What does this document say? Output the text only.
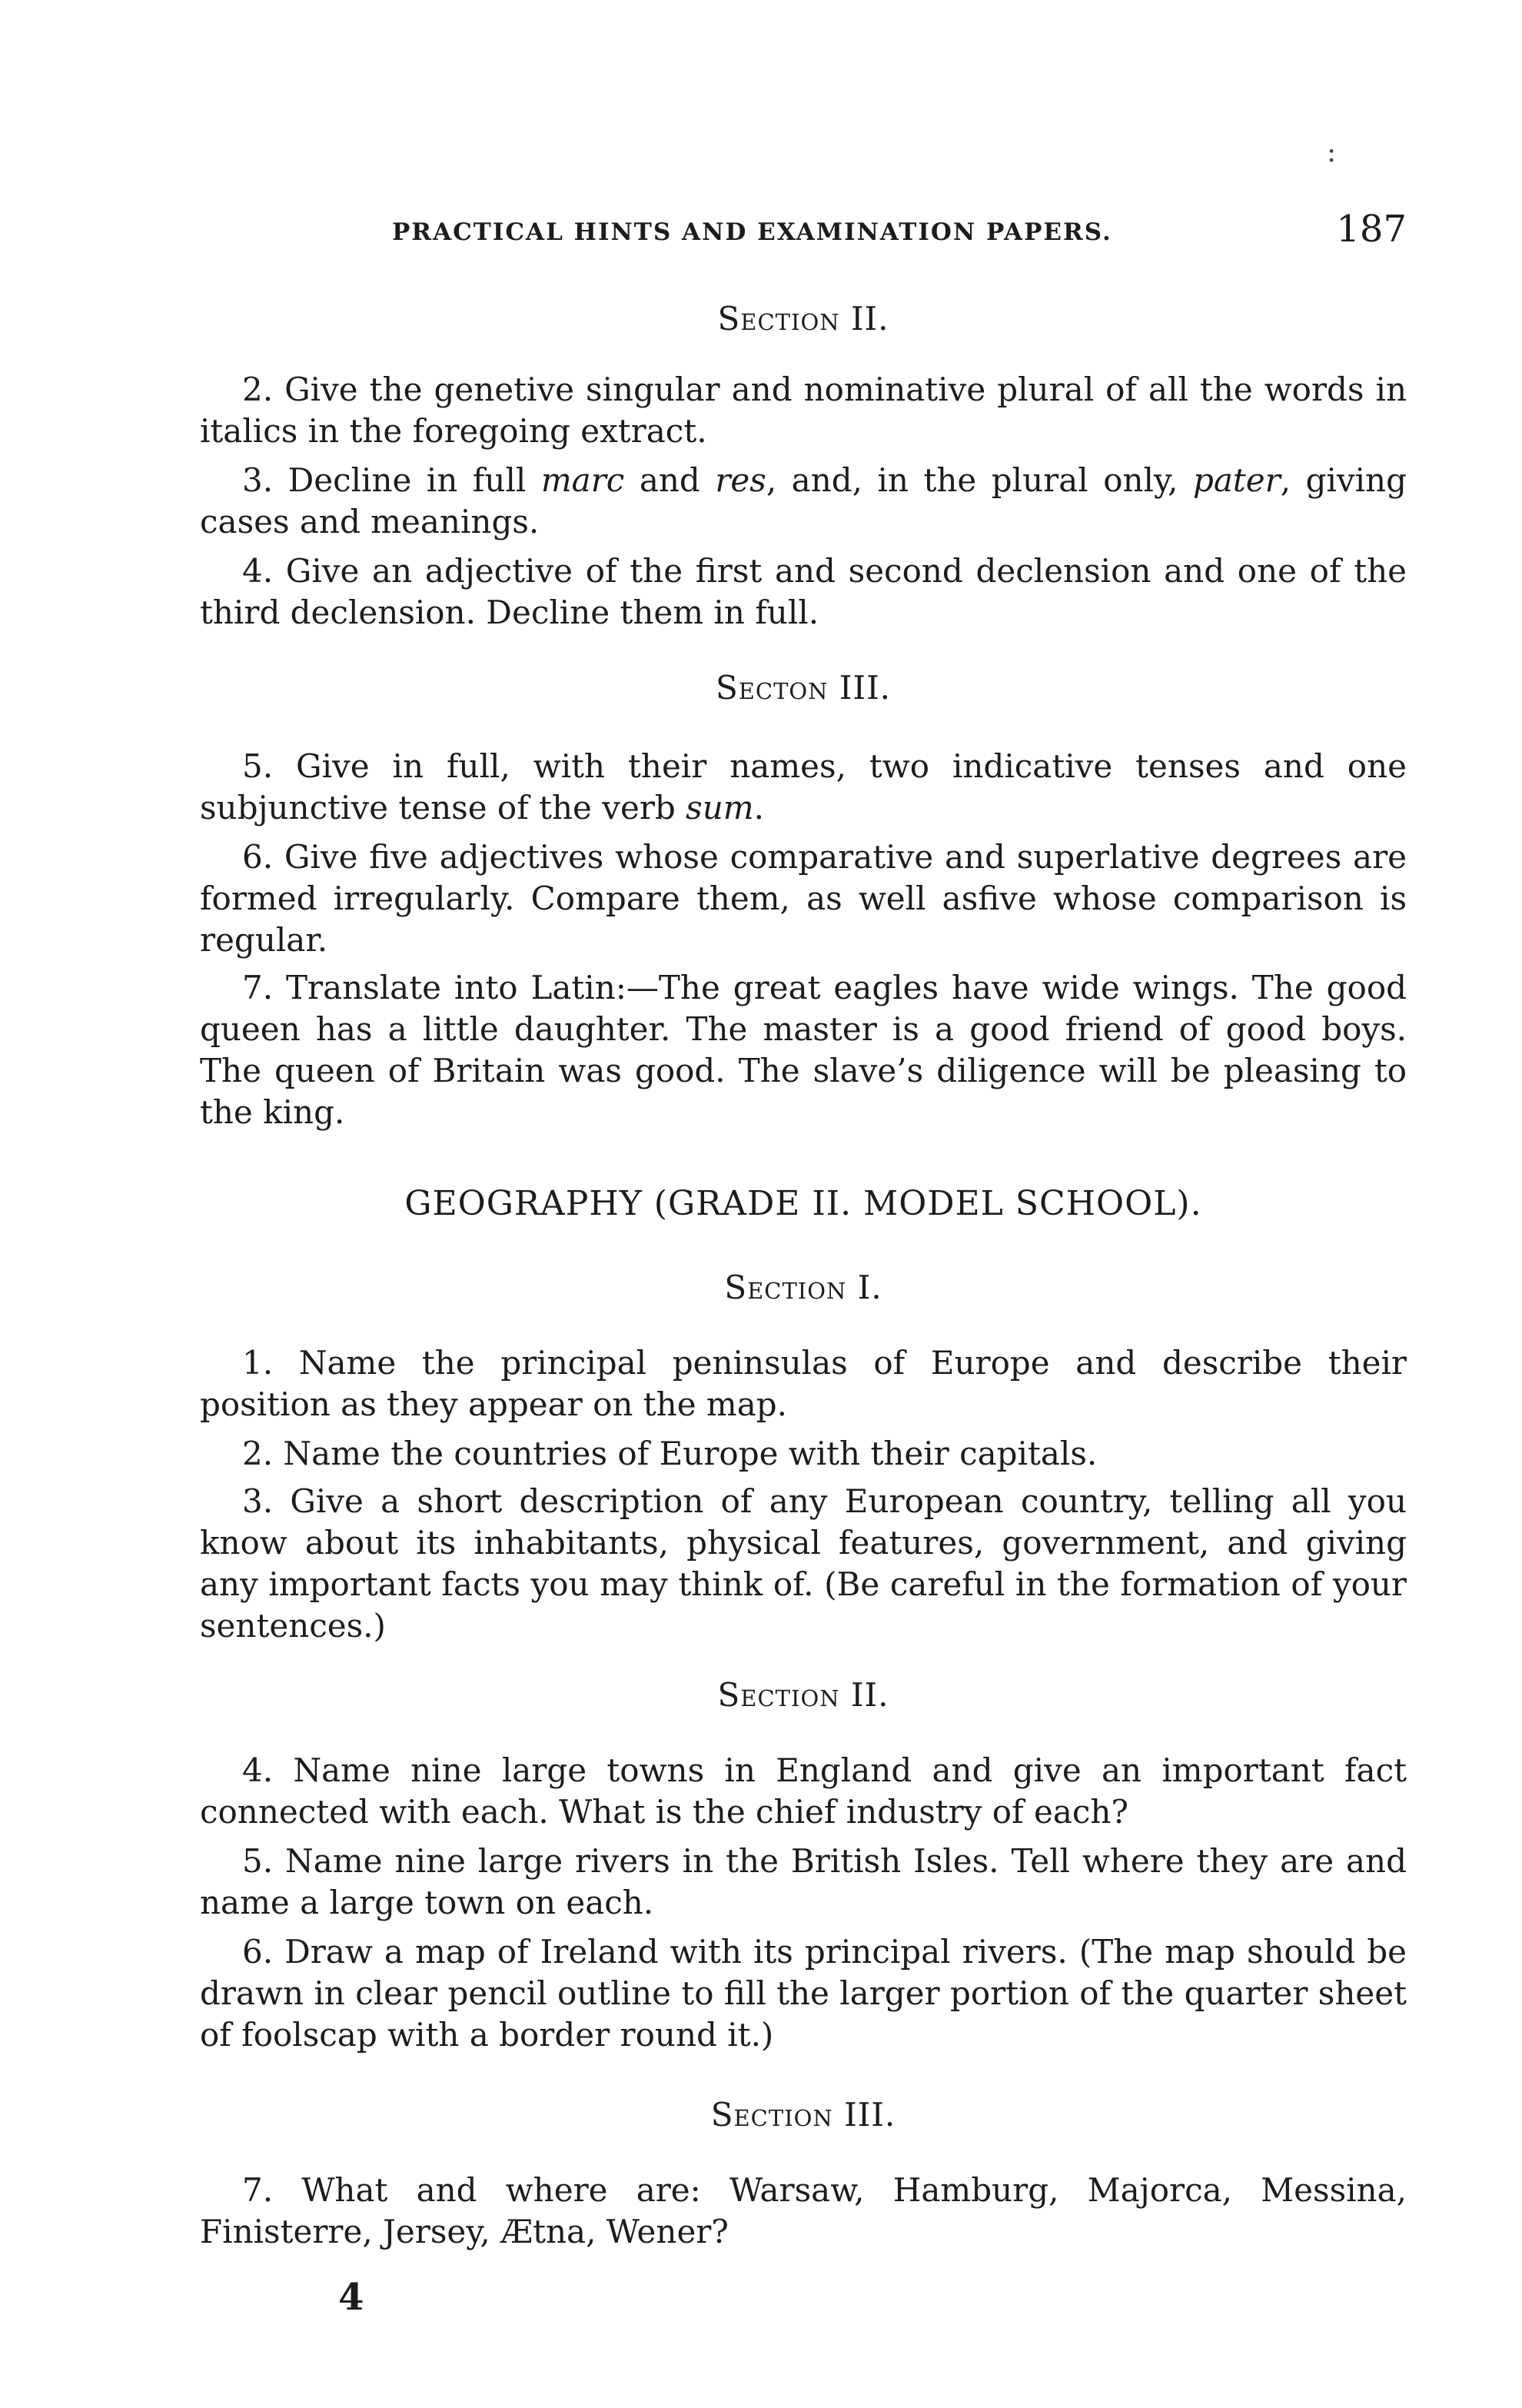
:
PRACTICAL HINTS AND EXAMINATION PAPERS.	187
Section II.

2. Give the genetive singular and nominative plural of all the words in italics in the foregoing extract.

3. Decline in full marc and res, and, in the plural only, pater, giving cases and meanings.

4. Give an adjective of the first and second declension and one of the third declension. Decline them in full.

Secton III.

5. Give in full, with their names, two indicative tenses and one subjunctive tense of the verb sum.

6. Give five adjectives whose comparative and superlative degrees are formed irregularly. Compare them, as well asfive whose comparison is regular.

7. Translate into Latin:—The great eagles have wide wings. The good queen has a little daughter. The master is a good friend of good boys. The queen of Britain was good. The slave’s diligence will be pleasing to the king.

GEOGRAPHY (GRADE II. MODEL SCHOOL).
Section I.

1. Name the principal peninsulas of Europe and describe their position as they appear on the map.

2. Name the countries of Europe with their capitals.

3. Give a short description of any European country, telling all you know about its inhabitants, physical features, government, and giving any important facts you may think of. (Be careful in the formation of your sentences.)

Section II.

4. Name nine large towns in England and give an important fact connected with each. What is the chief industry of each?

5. Name nine large rivers in the British Isles. Tell where they are and name a large town on each.

6. Draw a map of Ireland with its principal rivers. (The map should be drawn in clear pencil outline to fill the larger portion of the quarter sheet of foolscap with a border round it.)

Section III.

7. What and where are: Warsaw, Hamburg, Majorca, Messina, Finisterre, Jersey, Ætna, Wener?

4
